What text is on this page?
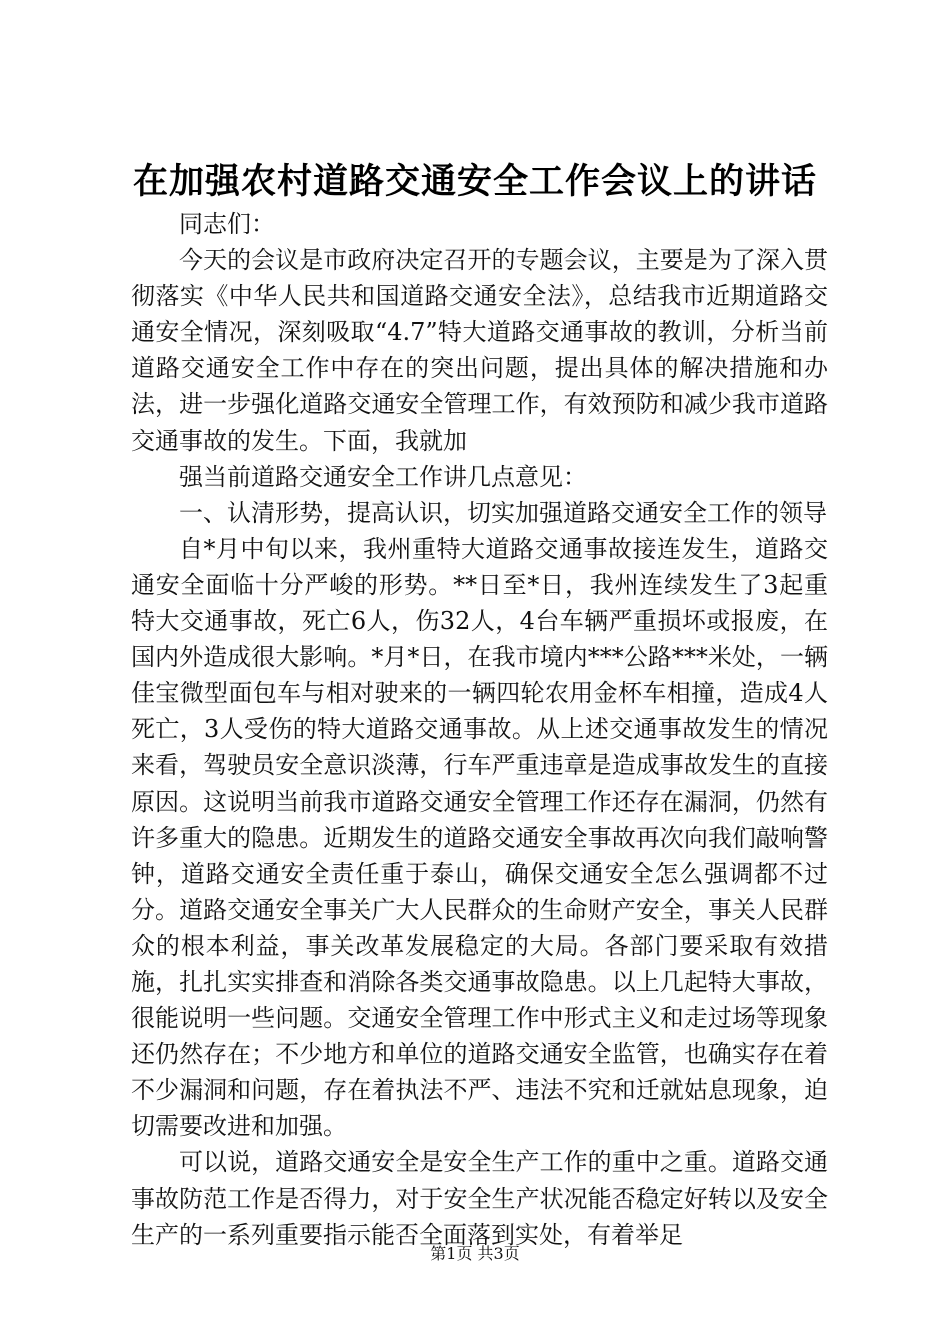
在加强农村道路交通安全工作会议上的讲话

同志们：

今天的会议是市政府决定召开的专题会议，主要是为了深入贯彻落实《中华人民共和国道路交通安全法》，总结我市近期道路交通安全情况，深刻吸取“4.7”特大道路交通事故的教训，分析当前道路交通安全工作中存在的突出问题，提出具体的解决措施和办法，进一步强化道路交通安全管理工作，有效预防和减少我市道路交通事故的发生。下面，我就加

强当前道路交通安全工作讲几点意见：

一、认清形势，提高认识，切实加强道路交通安全工作的领导

自*月中旬以来，我州重特大道路交通事故接连发生，道路交通安全面临十分严峻的形势。**日至*日，我州连续发生了3起重特大交通事故，死亡6人，伤32人，4台车辆严重损坏或报废，在国内外造成很大影响。*月*日，在我市境内***公路***米处，一辆佳宝微型面包车与相对驶来的一辆四轮农用金杯车相撞，造成4人死亡，3人受伤的特大道路交通事故。从上述交通事故发生的情况来看，驾驶员安全意识淡薄，行车严重违章是造成事故发生的直接原因。这说明当前我市道路交通安全管理工作还存在漏洞，仍然有许多重大的隐患。近期发生的道路交通安全事故再次向我们敲响警钟，道路交通安全责任重于泰山，确保交通安全怎么强调都不过分。道路交通安全事关广大人民群众的生命财产安全，事关人民群众的根本利益，事关改革发展稳定的大局。各部门要采取有效措施，扎扎实实排查和消除各类交通事故隐患。以上几起特大事故，很能说明一些问题。交通安全管理工作中形式主义和走过场等现象还仍然存在；不少地方和单位的道路交通安全监管，也确实存在着不少漏洞和问题，存在着执法不严、违法不究和迁就姑息现象，迫切需要改进和加强。

可以说，道路交通安全是安全生产工作的重中之重。道路交通事故防范工作是否得力，对于安全生产状况能否稳定好转以及安全生产的一系列重要指示能否全面落到实处，有着举足

第1页 共3页
